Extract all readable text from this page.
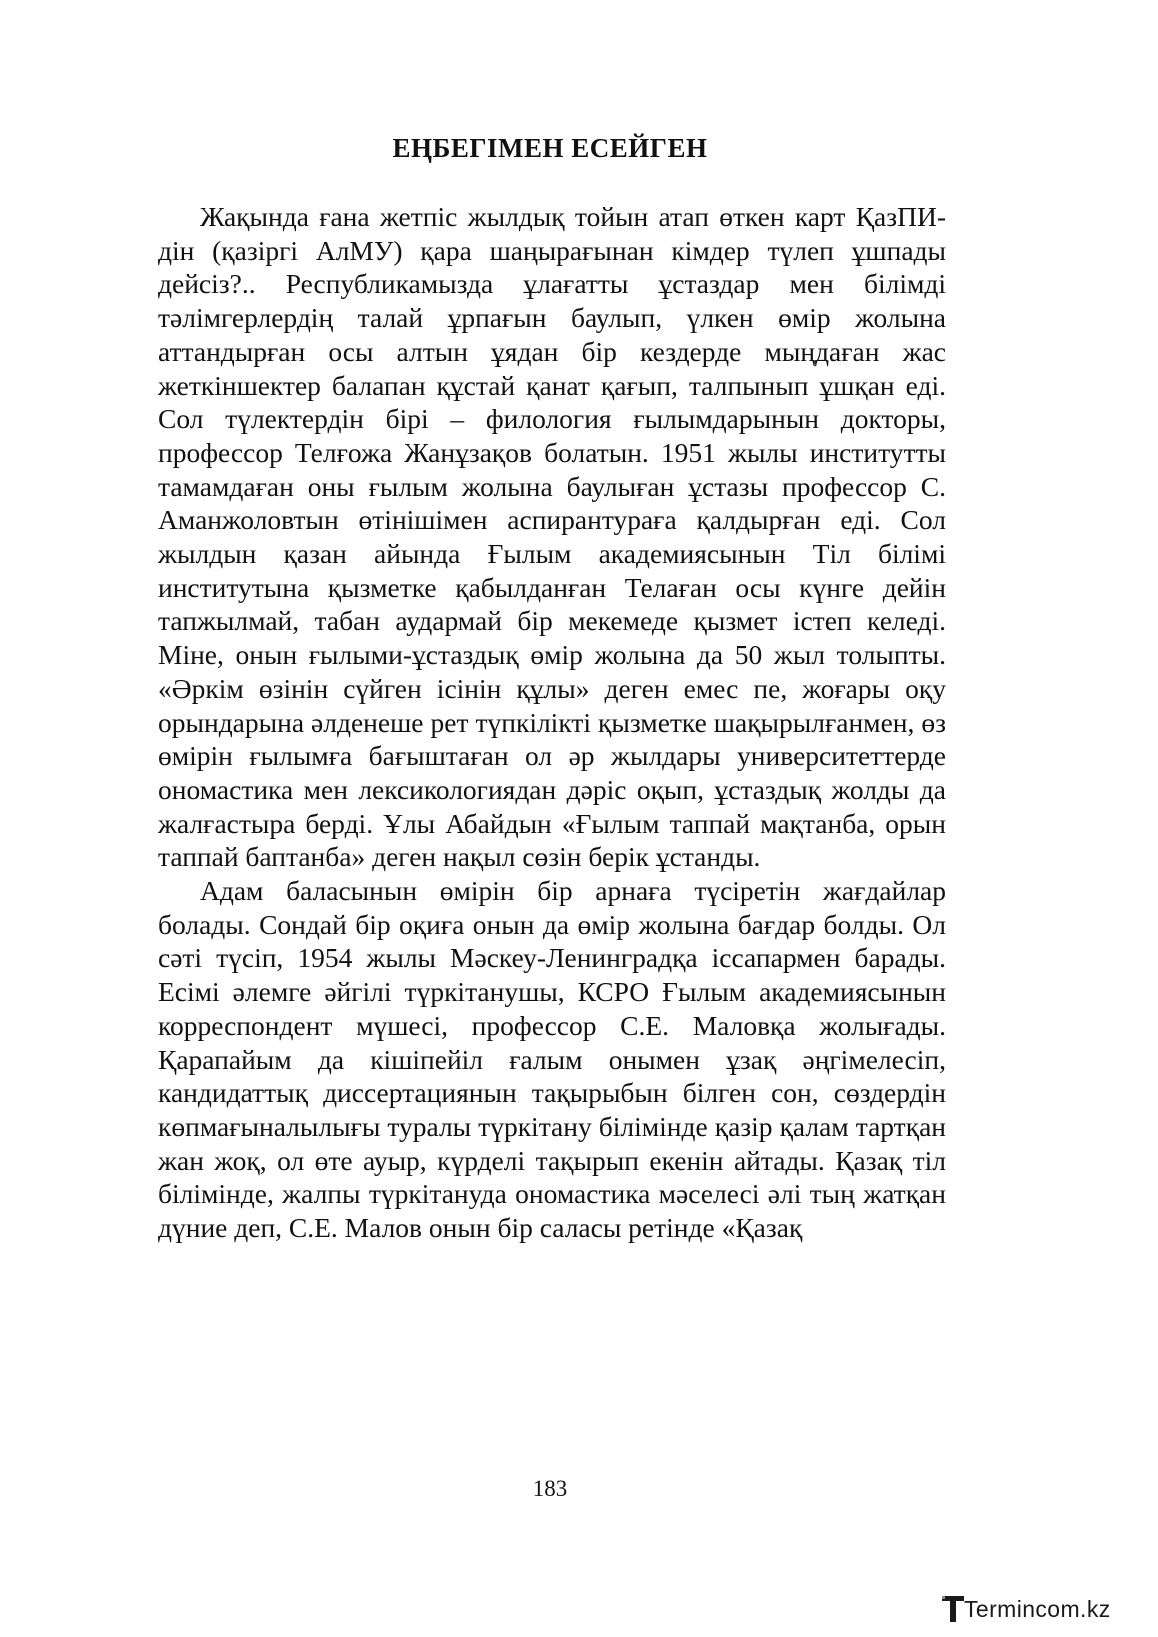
ЕҢБЕГІМЕН ЕСЕЙГЕН

Жақында ғана жетпіс жылдық тойын атап өткен карт ҚазПИ-дін (қазіргі АлМУ) қара шаңырағынан кімдер түлеп ұшпады дейсіз?.. Республикамызда ұлағатты ұстаздар мен білімді тәлімгерлердің талай ұрпағын баулып, үлкен өмір жолына аттандырған осы алтын ұядан бір кездерде мыңдаған жас жеткіншектер балапан құстай қанат қағып, талпынып ұшқан еді. Сол түлектердін бірі – филология ғылымдарынын докторы, профессор Телғожа Жанұзақов болатын. 1951 жылы институтты тамамдаған оны ғылым жолына баулыған ұстазы профессор С. Аманжоловтын өтінішімен аспирантураға қалдырған еді. Сол жылдын қазан айында Ғылым академиясынын Тіл білімі институтына қызметке қабылданған Телаған осы күнге дейін тапжылмай, табан аудармай бір мекемеде қызмет істеп келеді. Міне, онын ғылыми-ұстаздық өмір жолына да 50 жыл толыпты. «Әркім өзінін сүйген ісінін құлы» деген емес пе, жоғары оқу орындарына әлденеше рет түпкілікті қызметке шақырылғанмен, өз өмірін ғылымға бағыштаған ол әр жылдары университеттерде ономастика мен лексикологиядан дәріс оқып, ұстаздық жолды да жалғастыра берді. Ұлы Абайдын «Ғылым таппай мақтанба, орын таппай баптанба» деген нақыл сөзін берік ұстанды.

Адам баласынын өмірін бір арнаға түсіретін жағдайлар болады. Сондай бір оқиға онын да өмір жолына бағдар болды. Ол сәті түсіп, 1954 жылы Мәскеу-Ленинградқа іссапармен барады. Есімі әлемге әйгілі түркітанушы, КСРО Ғылым академиясынын корреспондент мүшесі, профессор С.Е. Маловқа жолығады. Қарапайым да кішіпейіл ғалым онымен ұзақ әңгімелесіп, кандидаттық диссертациянын тақырыбын білген сон, сөздердін көпмағыналылығы туралы түркітану білімінде қазір қалам тартқан жан жоқ, ол өте ауыр, күрделі тақырып екенін айтады. Қазақ тіл білімінде, жалпы түркітануда ономастика мәселесі әлі тың жатқан дүние деп, С.Е. Малов онын бір саласы ретінде «Қазақ

183
Termincom.kz
